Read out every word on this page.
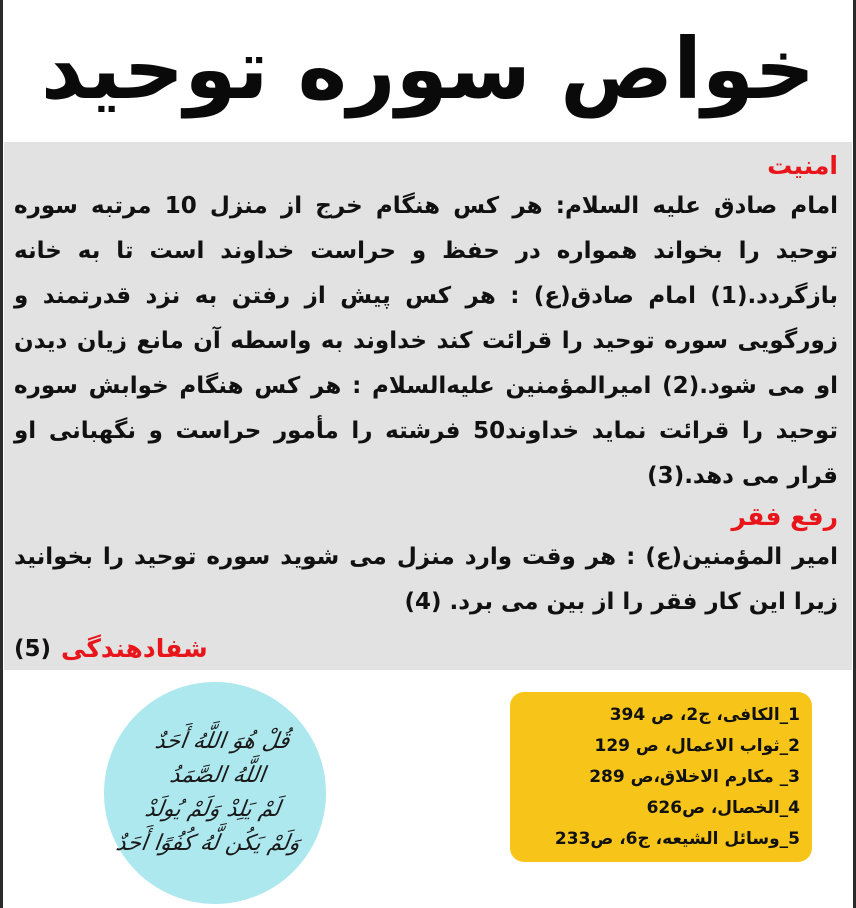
خواص سوره توحید
امنیت
امام صادق علیه السلام: هر کس هنگام خرج از منزل 10 مرتبه سوره توحید را بخواند همواره در حفظ و حراست خداوند است تا به خانه بازگردد.(1) امام صادق(ع) : هر کس پیش از رفتن به نزد قدرتمند و زورگویی سوره توحید را قرائت کند خداوند به واسطه آن مانع زیان دیدن او می شود.(2) امیرالمؤمنین علیه‌السلام : هر کس هنگام خوابش سوره توحید را قرائت نماید خداوند50 فرشته را مأمور حراست و نگهبانی او قرار می دهد.(3)
رفع فقر
امیر المؤمنین(ع) : هر وقت وارد منزل می شوید سوره توحید را بخوانید زیرا این کار فقر را از بین می برد. (4)
شفادهندگی
(5)
قُلْ هُوَ اللَّهُ أَحَدٌ
اللَّهُ الصَّمَدُ
لَمْ يَلِدْ وَلَمْ يُولَدْ
وَلَمْ يَكُن لَّهُ كُفُوًا أَحَدٌ
1_الکافی، ج2، ص 394
2_ثواب الاعمال، ص 129
3_ مکارم الاخلاق،ص 289
4_الخصال، ص626
5_وسائل الشیعه، ج6، ص233
